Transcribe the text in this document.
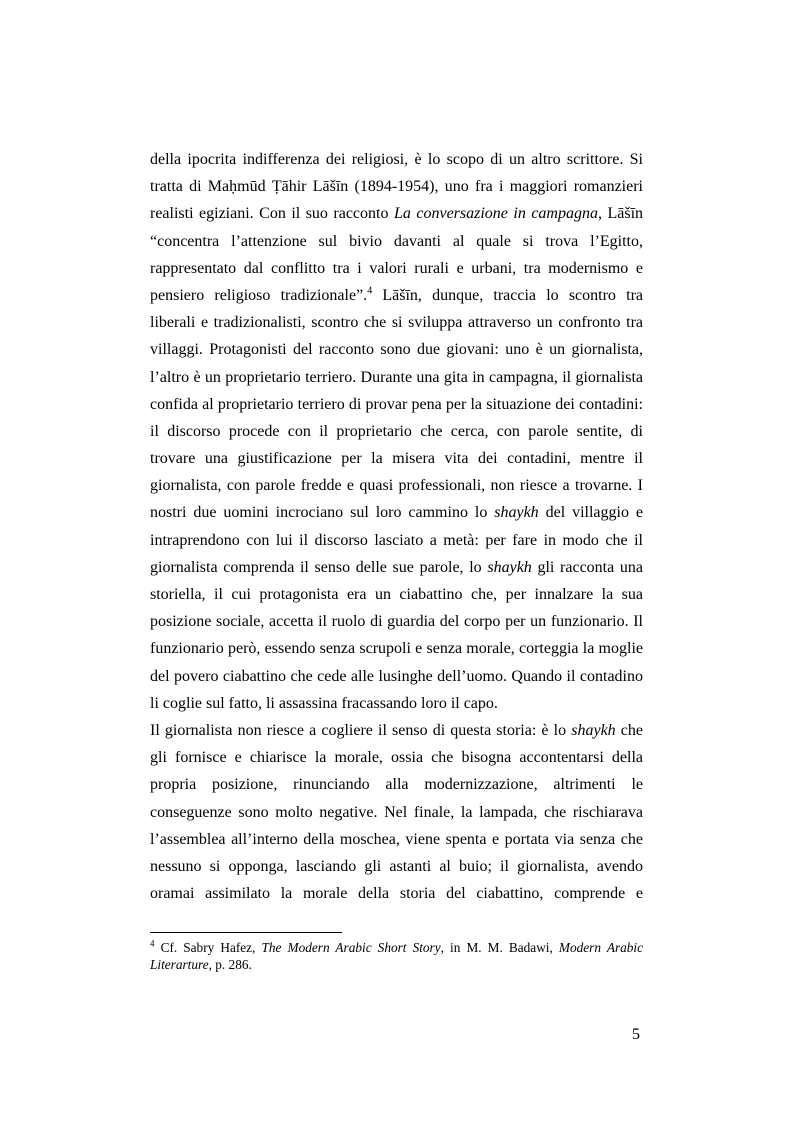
della ipocrita indifferenza dei religiosi, è lo scopo di un altro scrittore. Si
tratta di Maḥmūd Ṭāhir Lāšīn (1894-1954), uno fra i maggiori romanzieri
realisti egiziani. Con il suo racconto La conversazione in campagna, Lāšīn
“concentra l’attenzione sul bivio davanti al quale si trova l’Egitto,
rappresentato dal conflitto tra i valori rurali e urbani, tra modernismo e
pensiero religioso tradizionale”.$^4$ Lāšīn, dunque, traccia lo scontro tra
liberali e tradizionalisti, scontro che si sviluppa attraverso un confronto tra
villaggi. Protagonisti del racconto sono due giovani: uno è un giornalista,
l’altro è un proprietario terriero. Durante una gita in campagna, il giornalista
confida al proprietario terriero di provar pena per la situazione dei contadini:
il discorso procede con il proprietario che cerca, con parole sentite, di
trovare una giustificazione per la misera vita dei contadini, mentre il
giornalista, con parole fredde e quasi professionali, non riesce a trovarne. I
nostri due uomini incrociano sul loro cammino lo shaykh del villaggio e
intraprendono con lui il discorso lasciato a metà: per fare in modo che il
giornalista comprenda il senso delle sue parole, lo shaykh gli racconta una
storiella, il cui protagonista era un ciabattino che, per innalzare la sua
posizione sociale, accetta il ruolo di guardia del corpo per un funzionario. Il
funzionario però, essendo senza scrupoli e senza morale, corteggia la moglie
del povero ciabattino che cede alle lusinghe dell’uomo. Quando il contadino
li coglie sul fatto, li assassina fracassando loro il capo.
Il giornalista non riesce a cogliere il senso di questa storia: è lo shaykh che
gli fornisce e chiarisce la morale, ossia che bisogna accontentarsi della
propria posizione, rinunciando alla modernizzazione, altrimenti le
conseguenze sono molto negative. Nel finale, la lampada, che rischiarava
l’assemblea all’interno della moschea, viene spenta e portata via senza che
nessuno si opponga, lasciando gli astanti al buio; il giornalista, avendo
oramai assimilato la morale della storia del ciabattino, comprende e
$^4$ Cf. Sabry Hafez, The Modern Arabic Short Story, in M. M. Badawi, Modern Arabic
Literarture, p. 286.
5
